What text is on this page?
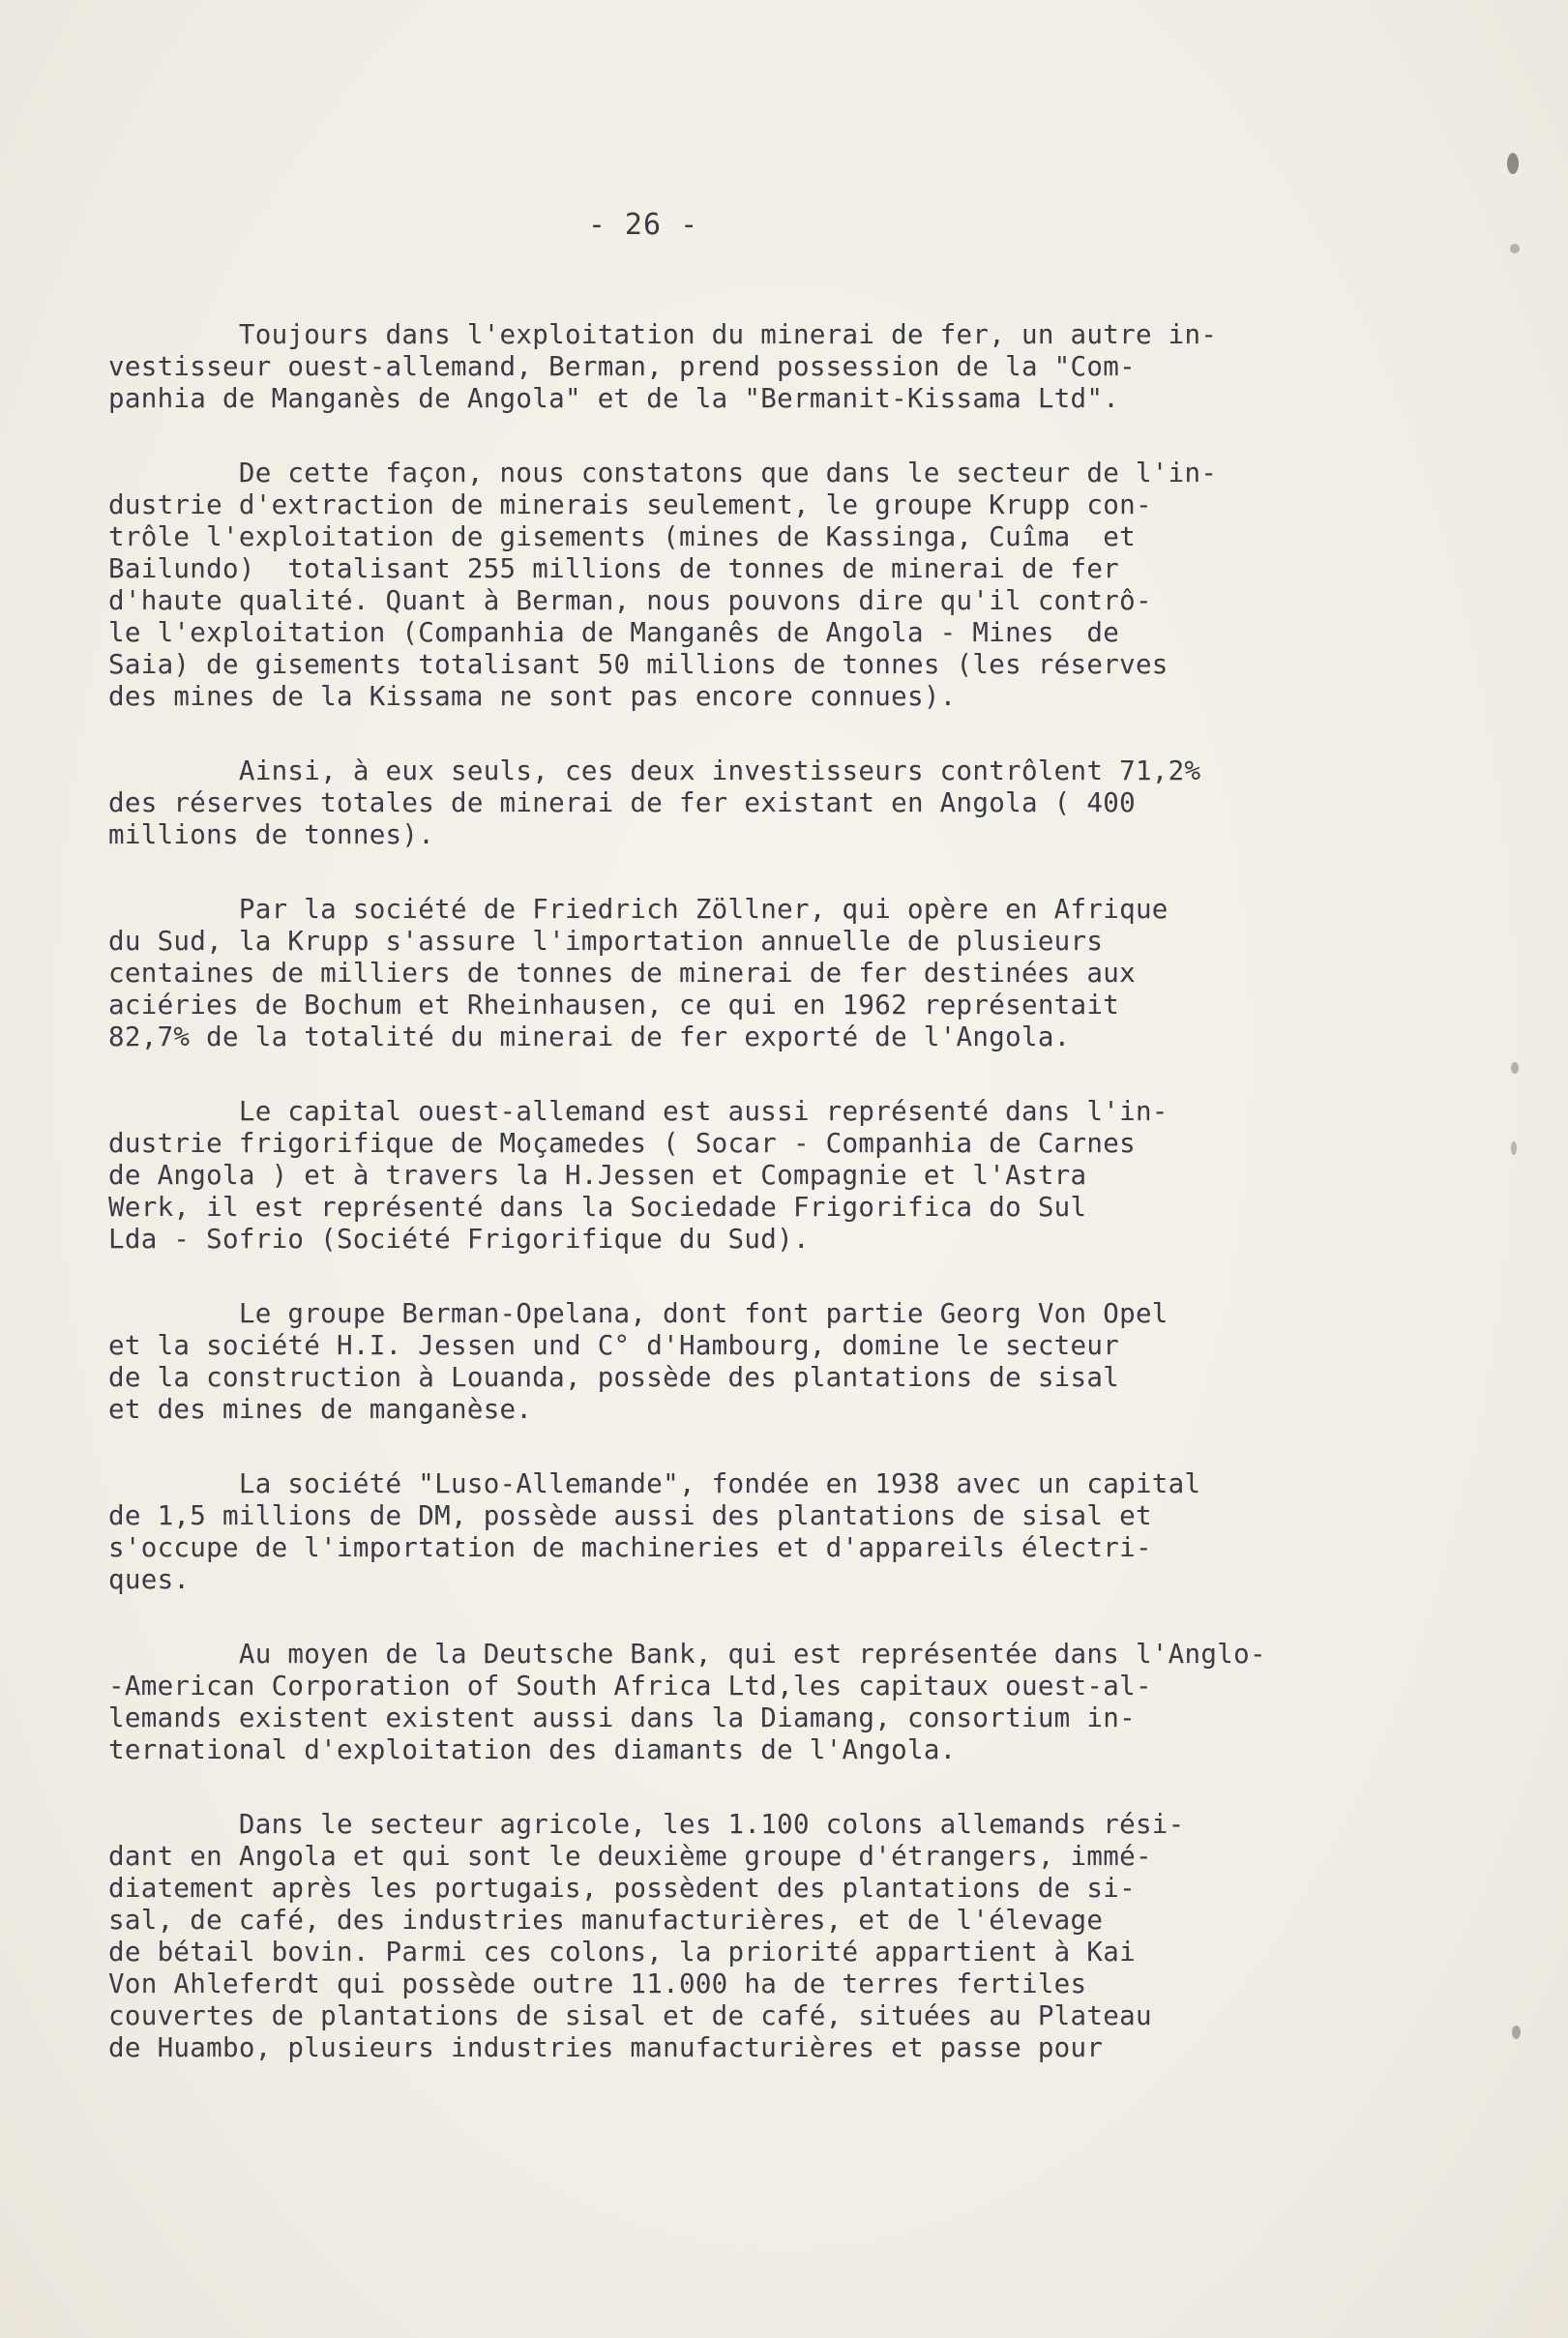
- 26 -
Toujours dans l'exploitation du minerai de fer, un autre in-
vestisseur ouest-allemand, Berman, prend possession de la "Com-
panhia de Manganès de Angola" et de la "Bermanit-Kissama Ltd".
De cette façon, nous constatons que dans le secteur de l'in-
dustrie d'extraction de minerais seulement, le groupe Krupp con-
trôle l'exploitation de gisements (mines de Kassinga, Cuîma  et
Bailundo)  totalisant 255 millions de tonnes de minerai de fer
d'haute qualité. Quant à Berman, nous pouvons dire qu'il contrô-
le l'exploitation (Companhia de Manganês de Angola - Mines  de
Saia) de gisements totalisant 50 millions de tonnes (les réserves
des mines de la Kissama ne sont pas encore connues).
Ainsi, à eux seuls, ces deux investisseurs contrôlent 71,2%
des réserves totales de minerai de fer existant en Angola ( 400
millions de tonnes).
Par la société de Friedrich Zöllner, qui opère en Afrique
du Sud, la Krupp s'assure l'importation annuelle de plusieurs
centaines de milliers de tonnes de minerai de fer destinées aux
aciéries de Bochum et Rheinhausen, ce qui en 1962 représentait
82,7% de la totalité du minerai de fer exporté de l'Angola.
Le capital ouest-allemand est aussi représenté dans l'in-
dustrie frigorifique de Moçamedes ( Socar - Companhia de Carnes
de Angola ) et à travers la H.Jessen et Compagnie et l'Astra
Werk, il est représenté dans la Sociedade Frigorifica do Sul
Lda - Sofrio (Société Frigorifique du Sud).
Le groupe Berman-Opelana, dont font partie Georg Von Opel
et la société H.I. Jessen und C° d'Hambourg, domine le secteur
de la construction à Louanda, possède des plantations de sisal
et des mines de manganèse.
La société "Luso-Allemande", fondée en 1938 avec un capital
de 1,5 millions de DM, possède aussi des plantations de sisal et
s'occupe de l'importation de machineries et d'appareils électri-
ques.
Au moyen de la Deutsche Bank, qui est représentée dans l'Anglo-
-American Corporation of South Africa Ltd,les capitaux ouest-al-
lemands existent existent aussi dans la Diamang, consortium in-
ternational d'exploitation des diamants de l'Angola.
Dans le secteur agricole, les 1.100 colons allemands rési-
dant en Angola et qui sont le deuxième groupe d'étrangers, immé-
diatement après les portugais, possèdent des plantations de si-
sal, de café, des industries manufacturières, et de l'élevage
de bétail bovin. Parmi ces colons, la priorité appartient à Kai
Von Ahleferdt qui possède outre 11.000 ha de terres fertiles
couvertes de plantations de sisal et de café, situées au Plateau
de Huambo, plusieurs industries manufacturières et passe pour
